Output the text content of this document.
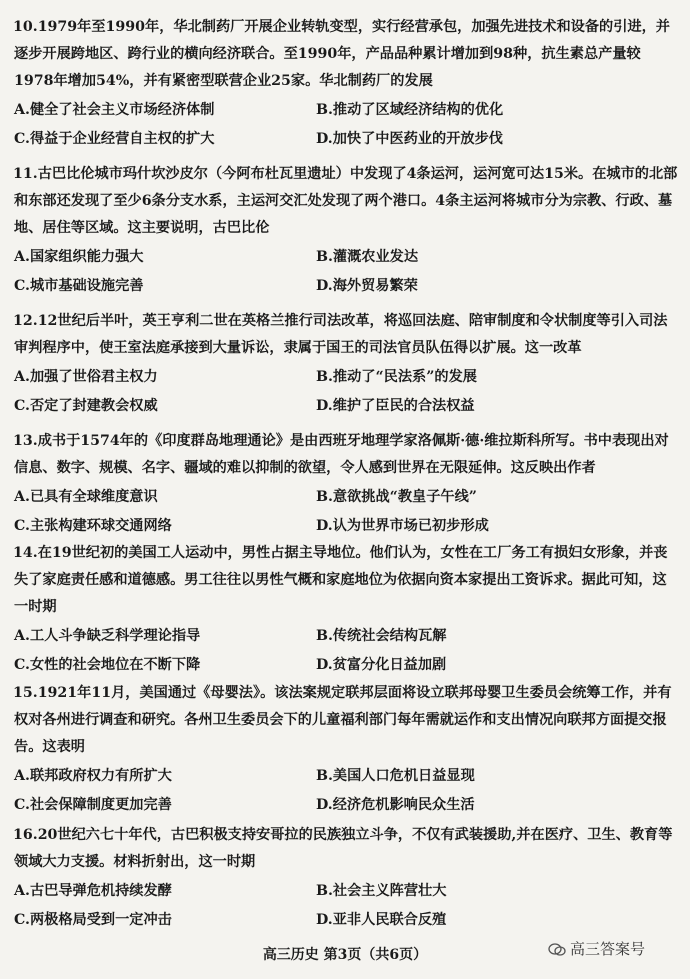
10.1979年至1990年，华北制药厂开展企业转轨变型，实行经营承包，加强先进技术和设备的引进，并逐步开展跨地区、跨行业的横向经济联合。至1990年，产品品种累计增加到98种，抗生素总产量较1978年增加54%，并有紧密型联营企业25家。华北制药厂的发展

A.健全了社会主义市场经济体制	B.推动了区域经济结构的优化
C.得益于企业经营自主权的扩大	D.加快了中医药业的开放步伐

11.古巴比伦城市玛什坎沙皮尔（今阿布杜瓦里遗址）中发现了4条运河，运河宽可达15米。在城市的北部和东部还发现了至少6条分支水系，主运河交汇处发现了两个港口。4条主运河将城市分为宗教、行政、墓地、居住等区域。这主要说明，古巴比伦

A.国家组织能力强大	B.灌溉农业发达
C.城市基础设施完善	D.海外贸易繁荣

12.12世纪后半叶，英王亨利二世在英格兰推行司法改革，将巡回法庭、陪审制度和令状制度等引入司法审判程序中，使王室法庭承接到大量诉讼，隶属于国王的司法官员队伍得以扩展。这一改革

A.加强了世俗君主权力	B.推动了“民法系”的发展
C.否定了封建教会权威	D.维护了臣民的合法权益

13.成书于1574年的《印度群岛地理通论》是由西班牙地理学家洛佩斯·德·维拉斯科所写。书中表现出对信息、数字、规模、名字、疆域的难以抑制的欲望，令人感到世界在无限延伸。这反映出作者

A.已具有全球维度意识	B.意欲挑战“教皇子午线”
C.主张构建环球交通网络	D.认为世界市场已初步形成

14.在19世纪初的美国工人运动中，男性占据主导地位。他们认为，女性在工厂务工有损妇女形象，并丧失了家庭责任感和道德感。男工往往以男性气概和家庭地位为依据向资本家提出工资诉求。据此可知，这一时期

A.工人斗争缺乏科学理论指导	B.传统社会结构瓦解
C.女性的社会地位在不断下降	D.贫富分化日益加剧

15.1921年11月，美国通过《母婴法》。该法案规定联邦层面将设立联邦母婴卫生委员会统筹工作，并有权对各州进行调查和研究。各州卫生委员会下的儿童福利部门每年需就运作和支出情况向联邦方面提交报告。这表明

A.联邦政府权力有所扩大	B.美国人口危机日益显现
C.社会保障制度更加完善	D.经济危机影响民众生活

16.20世纪六七十年代，古巴积极支持安哥拉的民族独立斗争，不仅有武装援助,并在医疗、卫生、教育等领域大力支援。材料折射出，这一时期

A.古巴导弹危机持续发酵	B.社会主义阵营壮大
C.两极格局受到一定冲击	D.亚非人民联合反殖
高三历史 第3页（共6页）	高三答案号
